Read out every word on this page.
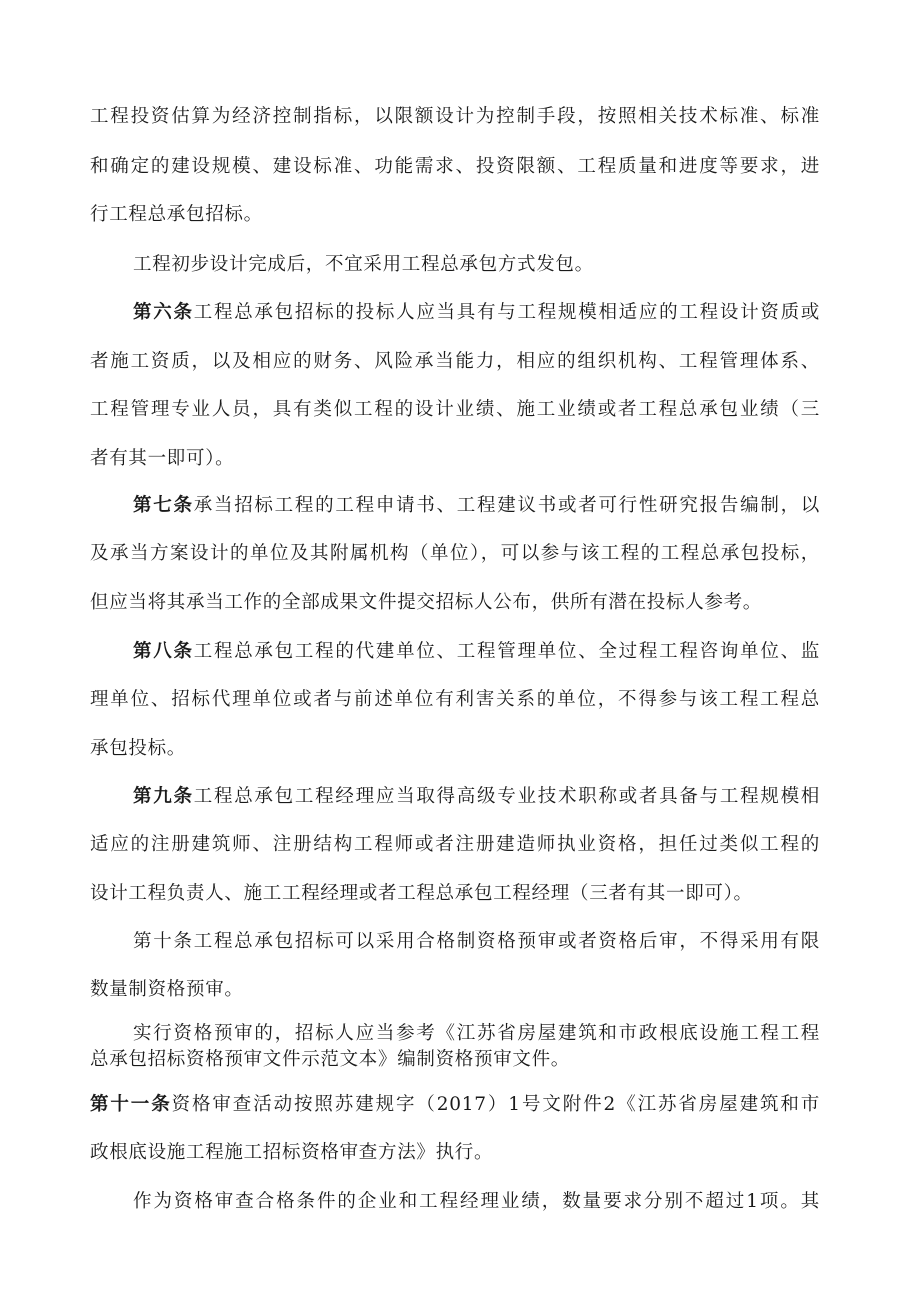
工程投资估算为经济控制指标，以限额设计为控制手段，按照相关技术标准、标准
和确定的建设规模、建设标准、功能需求、投资限额、工程质量和进度等要求，进
行工程总承包招标。
工程初步设计完成后，不宜采用工程总承包方式发包。
第六条工程总承包招标的投标人应当具有与工程规模相适应的工程设计资质或
者施工资质，以及相应的财务、风险承当能力，相应的组织机构、工程管理体系、
工程管理专业人员，具有类似工程的设计业绩、施工业绩或者工程总承包业绩（三
者有其一即可）。
第七条承当招标工程的工程申请书、工程建议书或者可行性研究报告编制，以
及承当方案设计的单位及其附属机构（单位），可以参与该工程的工程总承包投标，
但应当将其承当工作的全部成果文件提交招标人公布，供所有潜在投标人参考。
第八条工程总承包工程的代建单位、工程管理单位、全过程工程咨询单位、监
理单位、招标代理单位或者与前述单位有利害关系的单位，不得参与该工程工程总
承包投标。
第九条工程总承包工程经理应当取得高级专业技术职称或者具备与工程规模相
适应的注册建筑师、注册结构工程师或者注册建造师执业资格，担任过类似工程的
设计工程负责人、施工工程经理或者工程总承包工程经理（三者有其一即可）。
第十条工程总承包招标可以采用合格制资格预审或者资格后审，不得采用有限
数量制资格预审。
实行资格预审的，招标人应当参考《江苏省房屋建筑和市政根底设施工程工程
总承包招标资格预审文件示范文本》编制资格预审文件。
第十一条资格审查活动按照苏建规字（2017）1号文附件2《江苏省房屋建筑和市
政根底设施工程施工招标资格审查方法》执行。
作为资格审查合格条件的企业和工程经理业绩，数量要求分别不超过1项。其
